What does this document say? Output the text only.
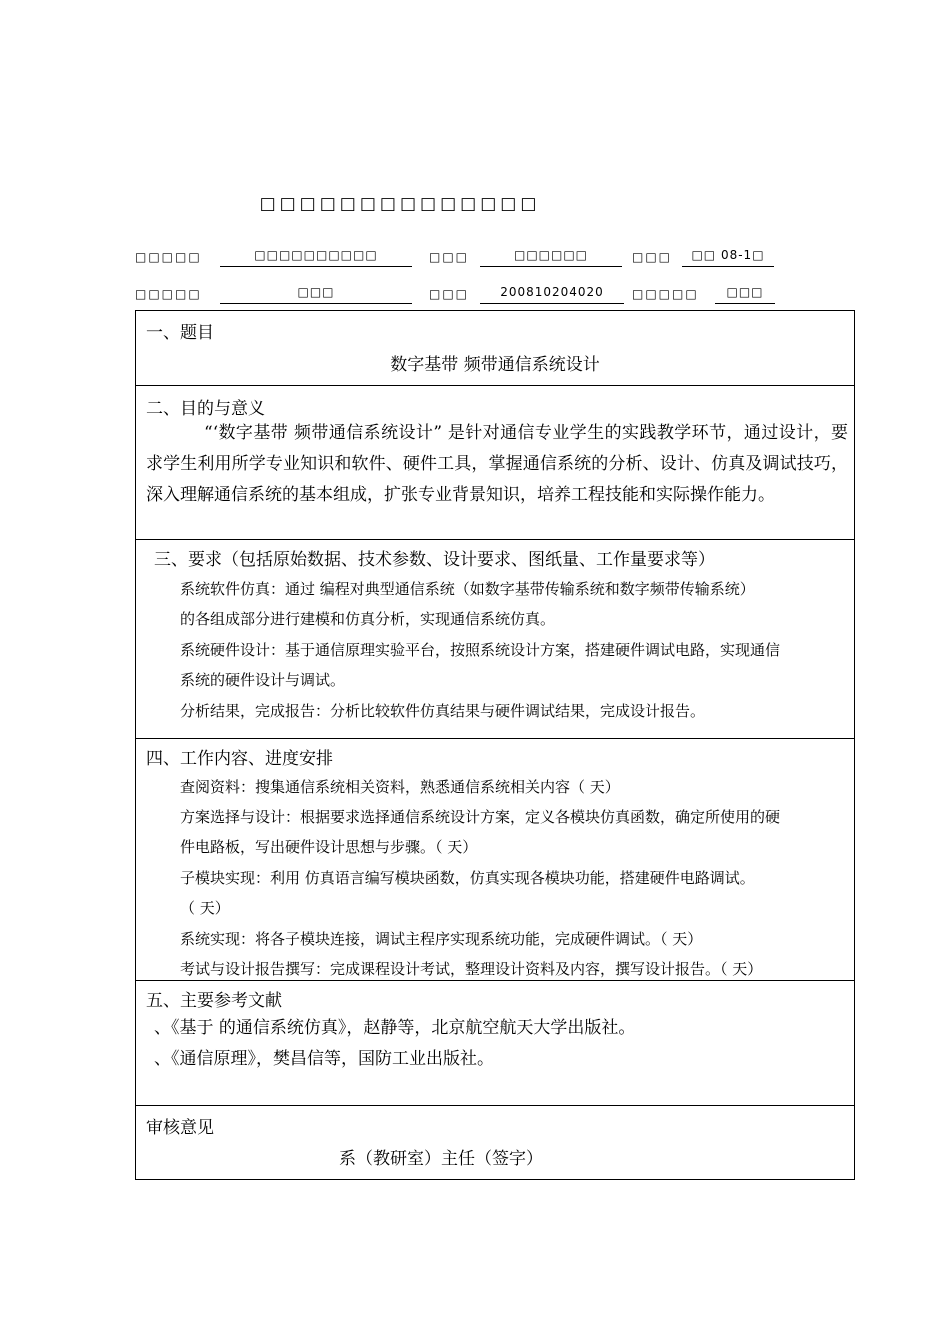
□□□□□□□□□□□□□□
□□□□□	□□□□□□□□□□	□□□	□□□□□□	□□□	□□ 08-1□
□□□□□	□□□	□□□	200810204020	□□□□□	□□□
一、题目
数字基带 频带通信系统设计
二、目的与意义
“‘数字基带 频带通信系统设计” 是针对通信专业学生的实践教学环节，通过设计，要求学生利用所学专业知识和软件、硬件工具，掌握通信系统的分析、设计、仿真及调试技巧，深入理解通信系统的基本组成，扩张专业背景知识，培养工程技能和实际操作能力。
三、要求（包括原始数据、技术参数、设计要求、图纸量、工作量要求等）
系统软件仿真：通过 编程对典型通信系统（如数字基带传输系统和数字频带传输系统）
的各组成部分进行建模和仿真分析，实现通信系统仿真。
系统硬件设计：基于通信原理实验平台，按照系统设计方案，搭建硬件调试电路，实现通信
系统的硬件设计与调试。
分析结果，完成报告：分析比较软件仿真结果与硬件调试结果，完成设计报告。
四、工作内容、进度安排
查阅资料：搜集通信系统相关资料，熟悉通信系统相关内容（ 天）
方案选择与设计：根据要求选择通信系统设计方案，定义各模块仿真函数，确定所使用的硬
件电路板，写出硬件设计思想与步骤。（ 天）
子模块实现：利用 仿真语言编写模块函数，仿真实现各模块功能，搭建硬件电路调试。
（ 天）
系统实现：将各子模块连接，调试主程序实现系统功能，完成硬件调试。（ 天）
考试与设计报告撰写：完成课程设计考试，整理设计资料及内容，撰写设计报告。（ 天）
五、主要参考文献
、《基于 的通信系统仿真》，赵静等，北京航空航天大学出版社。
、《通信原理》，樊昌信等，国防工业出版社。
审核意见
系（教研室）主任（签字）
